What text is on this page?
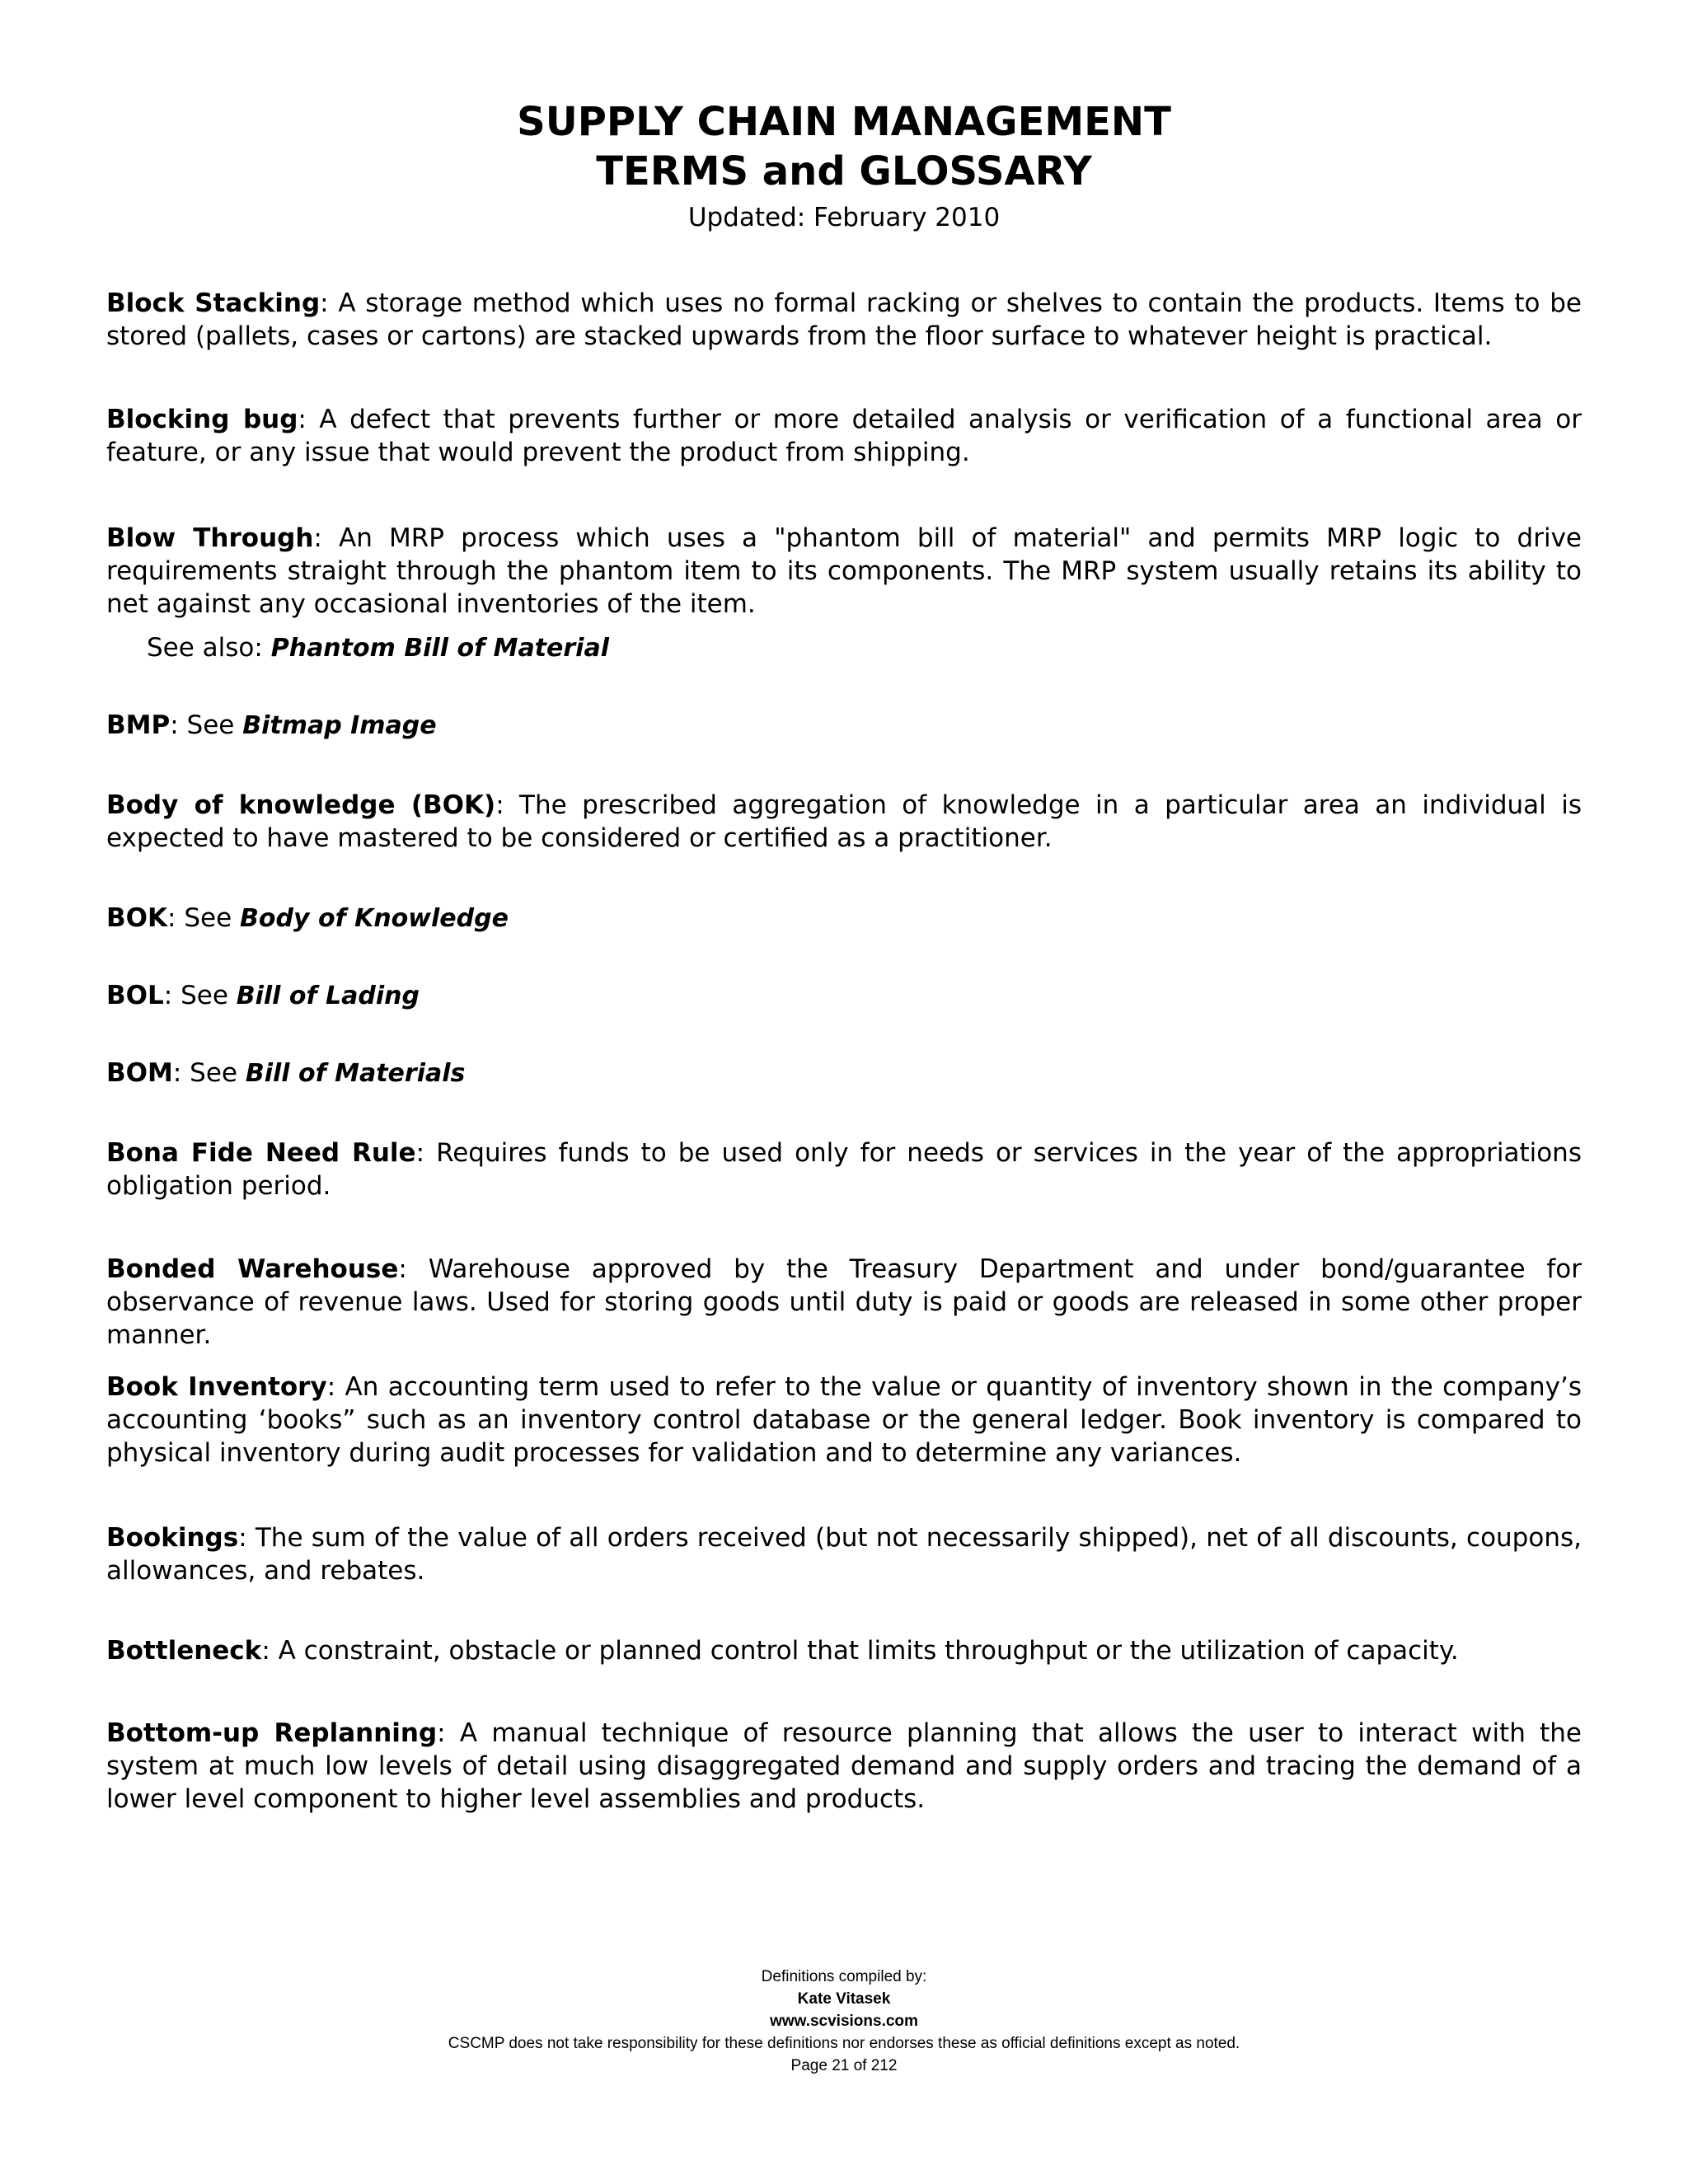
SUPPLY CHAIN MANAGEMENT
TERMS and GLOSSARY
Updated: February 2010
Block Stacking: A storage method which uses no formal racking or shelves to contain the products. Items to be stored (pallets, cases or cartons) are stacked upwards from the floor surface to whatever height is practical.
Blocking bug: A defect that prevents further or more detailed analysis or verification of a functional area or feature, or any issue that would prevent the product from shipping.
Blow Through: An MRP process which uses a "phantom bill of material" and permits MRP logic to drive requirements straight through the phantom item to its components. The MRP system usually retains its ability to net against any occasional inventories of the item.
See also: Phantom Bill of Material
BMP: See Bitmap Image
Body of knowledge (BOK): The prescribed aggregation of knowledge in a particular area an individual is expected to have mastered to be considered or certified as a practitioner.
BOK: See Body of Knowledge
BOL: See Bill of Lading
BOM: See Bill of Materials
Bona Fide Need Rule: Requires funds to be used only for needs or services in the year of the appropriations obligation period.
Bonded Warehouse: Warehouse approved by the Treasury Department and under bond/guarantee for observance of revenue laws. Used for storing goods until duty is paid or goods are released in some other proper manner.
Book Inventory: An accounting term used to refer to the value or quantity of inventory shown in the company’s accounting ‘books” such as an inventory control database or the general ledger. Book inventory is compared to physical inventory during audit processes for validation and to determine any variances.
Bookings: The sum of the value of all orders received (but not necessarily shipped), net of all discounts, coupons, allowances, and rebates.
Bottleneck: A constraint, obstacle or planned control that limits throughput or the utilization of capacity.
Bottom-up Replanning: A manual technique of resource planning that allows the user to interact with the system at much low levels of detail using disaggregated demand and supply orders and tracing the demand of a lower level component to higher level assemblies and products.
Definitions compiled by:
Kate Vitasek
www.scvisions.com
CSCMP does not take responsibility for these definitions nor endorses these as official definitions except as noted.
Page 21 of 212
